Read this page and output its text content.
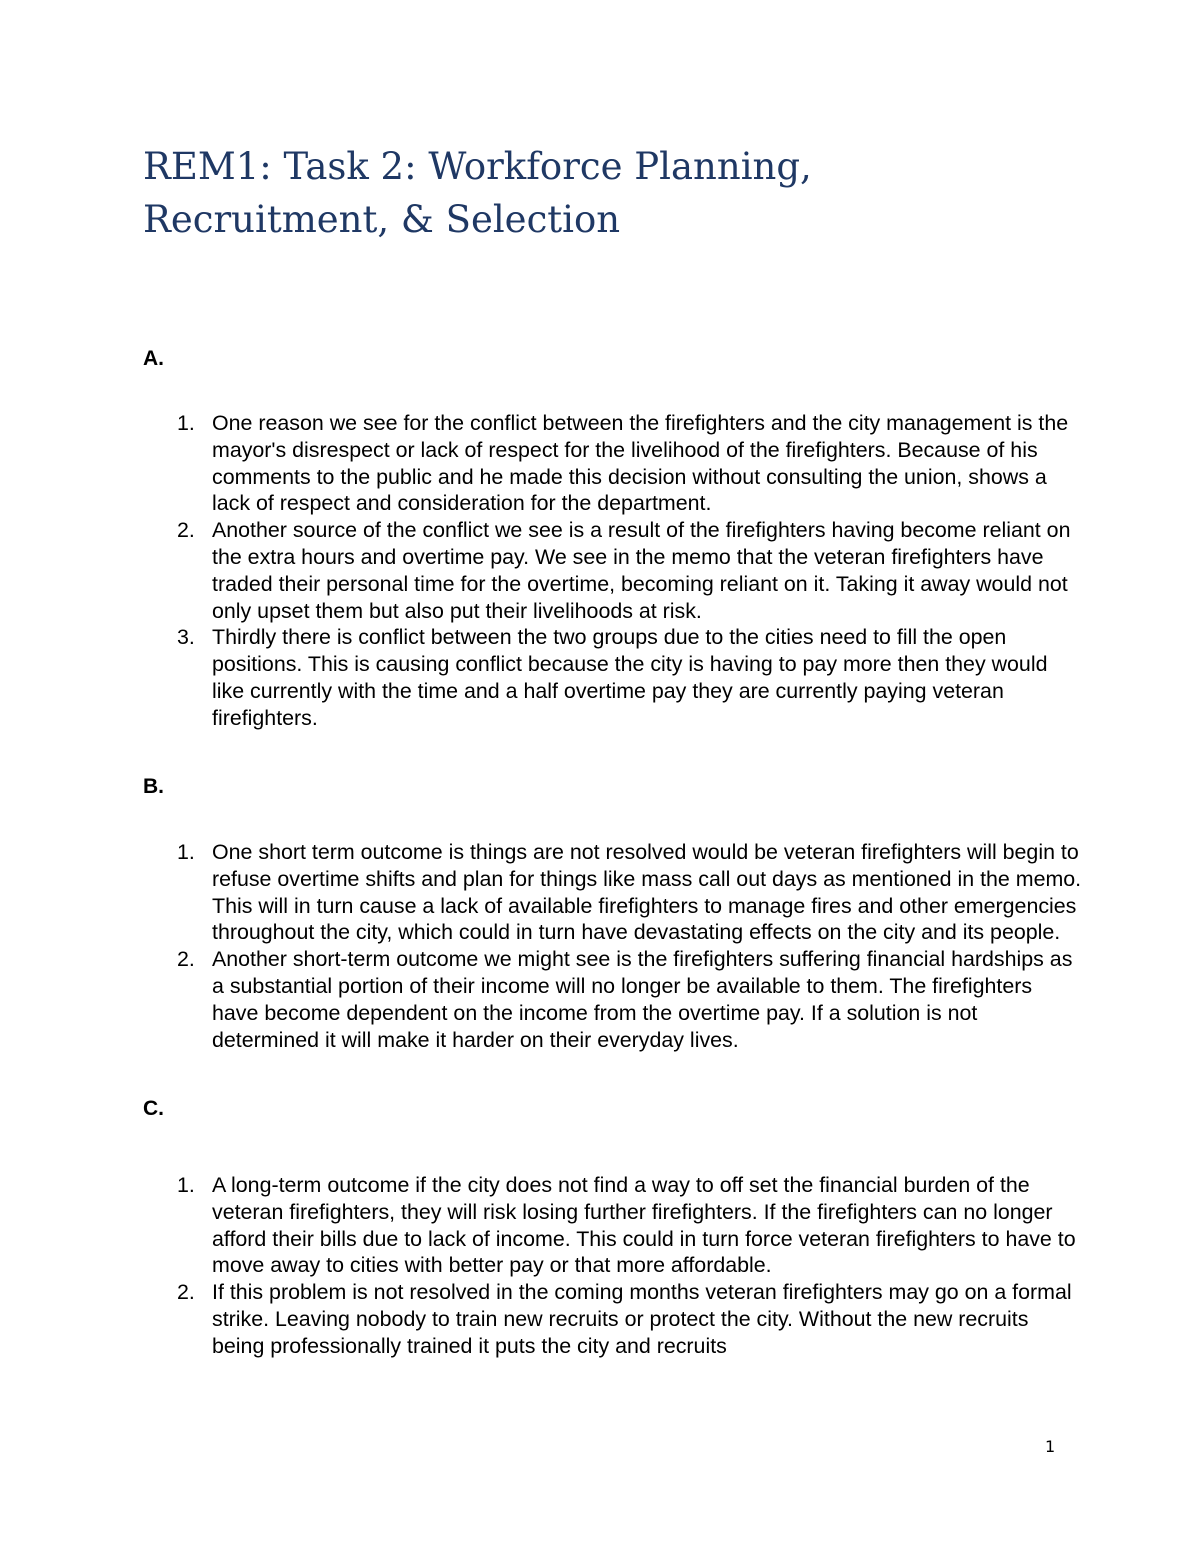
REM1: Task 2: Workforce Planning, Recruitment, & Selection
A.
1. One reason we see for the conflict between the firefighters and the city management is the mayor's disrespect or lack of respect for the livelihood of the firefighters. Because of his comments to the public and he made this decision without consulting the union, shows a lack of respect and consideration for the department.
2. Another source of the conflict we see is a result of the firefighters having become reliant on the extra hours and overtime pay. We see in the memo that the veteran firefighters have traded their personal time for the overtime, becoming reliant on it. Taking it away would not only upset them but also put their livelihoods at risk.
3. Thirdly there is conflict between the two groups due to the cities need to fill the open positions. This is causing conflict because the city is having to pay more then they would like currently with the time and a half overtime pay they are currently paying veteran firefighters.
B.
1. One short term outcome is things are not resolved would be veteran firefighters will begin to refuse overtime shifts and plan for things like mass call out days as mentioned in the memo. This will in turn cause a lack of available firefighters to manage fires and other emergencies throughout the city, which could in turn have devastating effects on the city and its people.
2. Another short-term outcome we might see is the firefighters suffering financial hardships as a substantial portion of their income will no longer be available to them. The firefighters have become dependent on the income from the overtime pay. If a solution is not determined it will make it harder on their everyday lives.
C.
1. A long-term outcome if the city does not find a way to off set the financial burden of the veteran firefighters, they will risk losing further firefighters. If the firefighters can no longer afford their bills due to lack of income. This could in turn force veteran firefighters to have to move away to cities with better pay or that more affordable.
2. If this problem is not resolved in the coming months veteran firefighters may go on a formal strike. Leaving nobody to train new recruits or protect the city. Without the new recruits being professionally trained it puts the city and recruits
1
